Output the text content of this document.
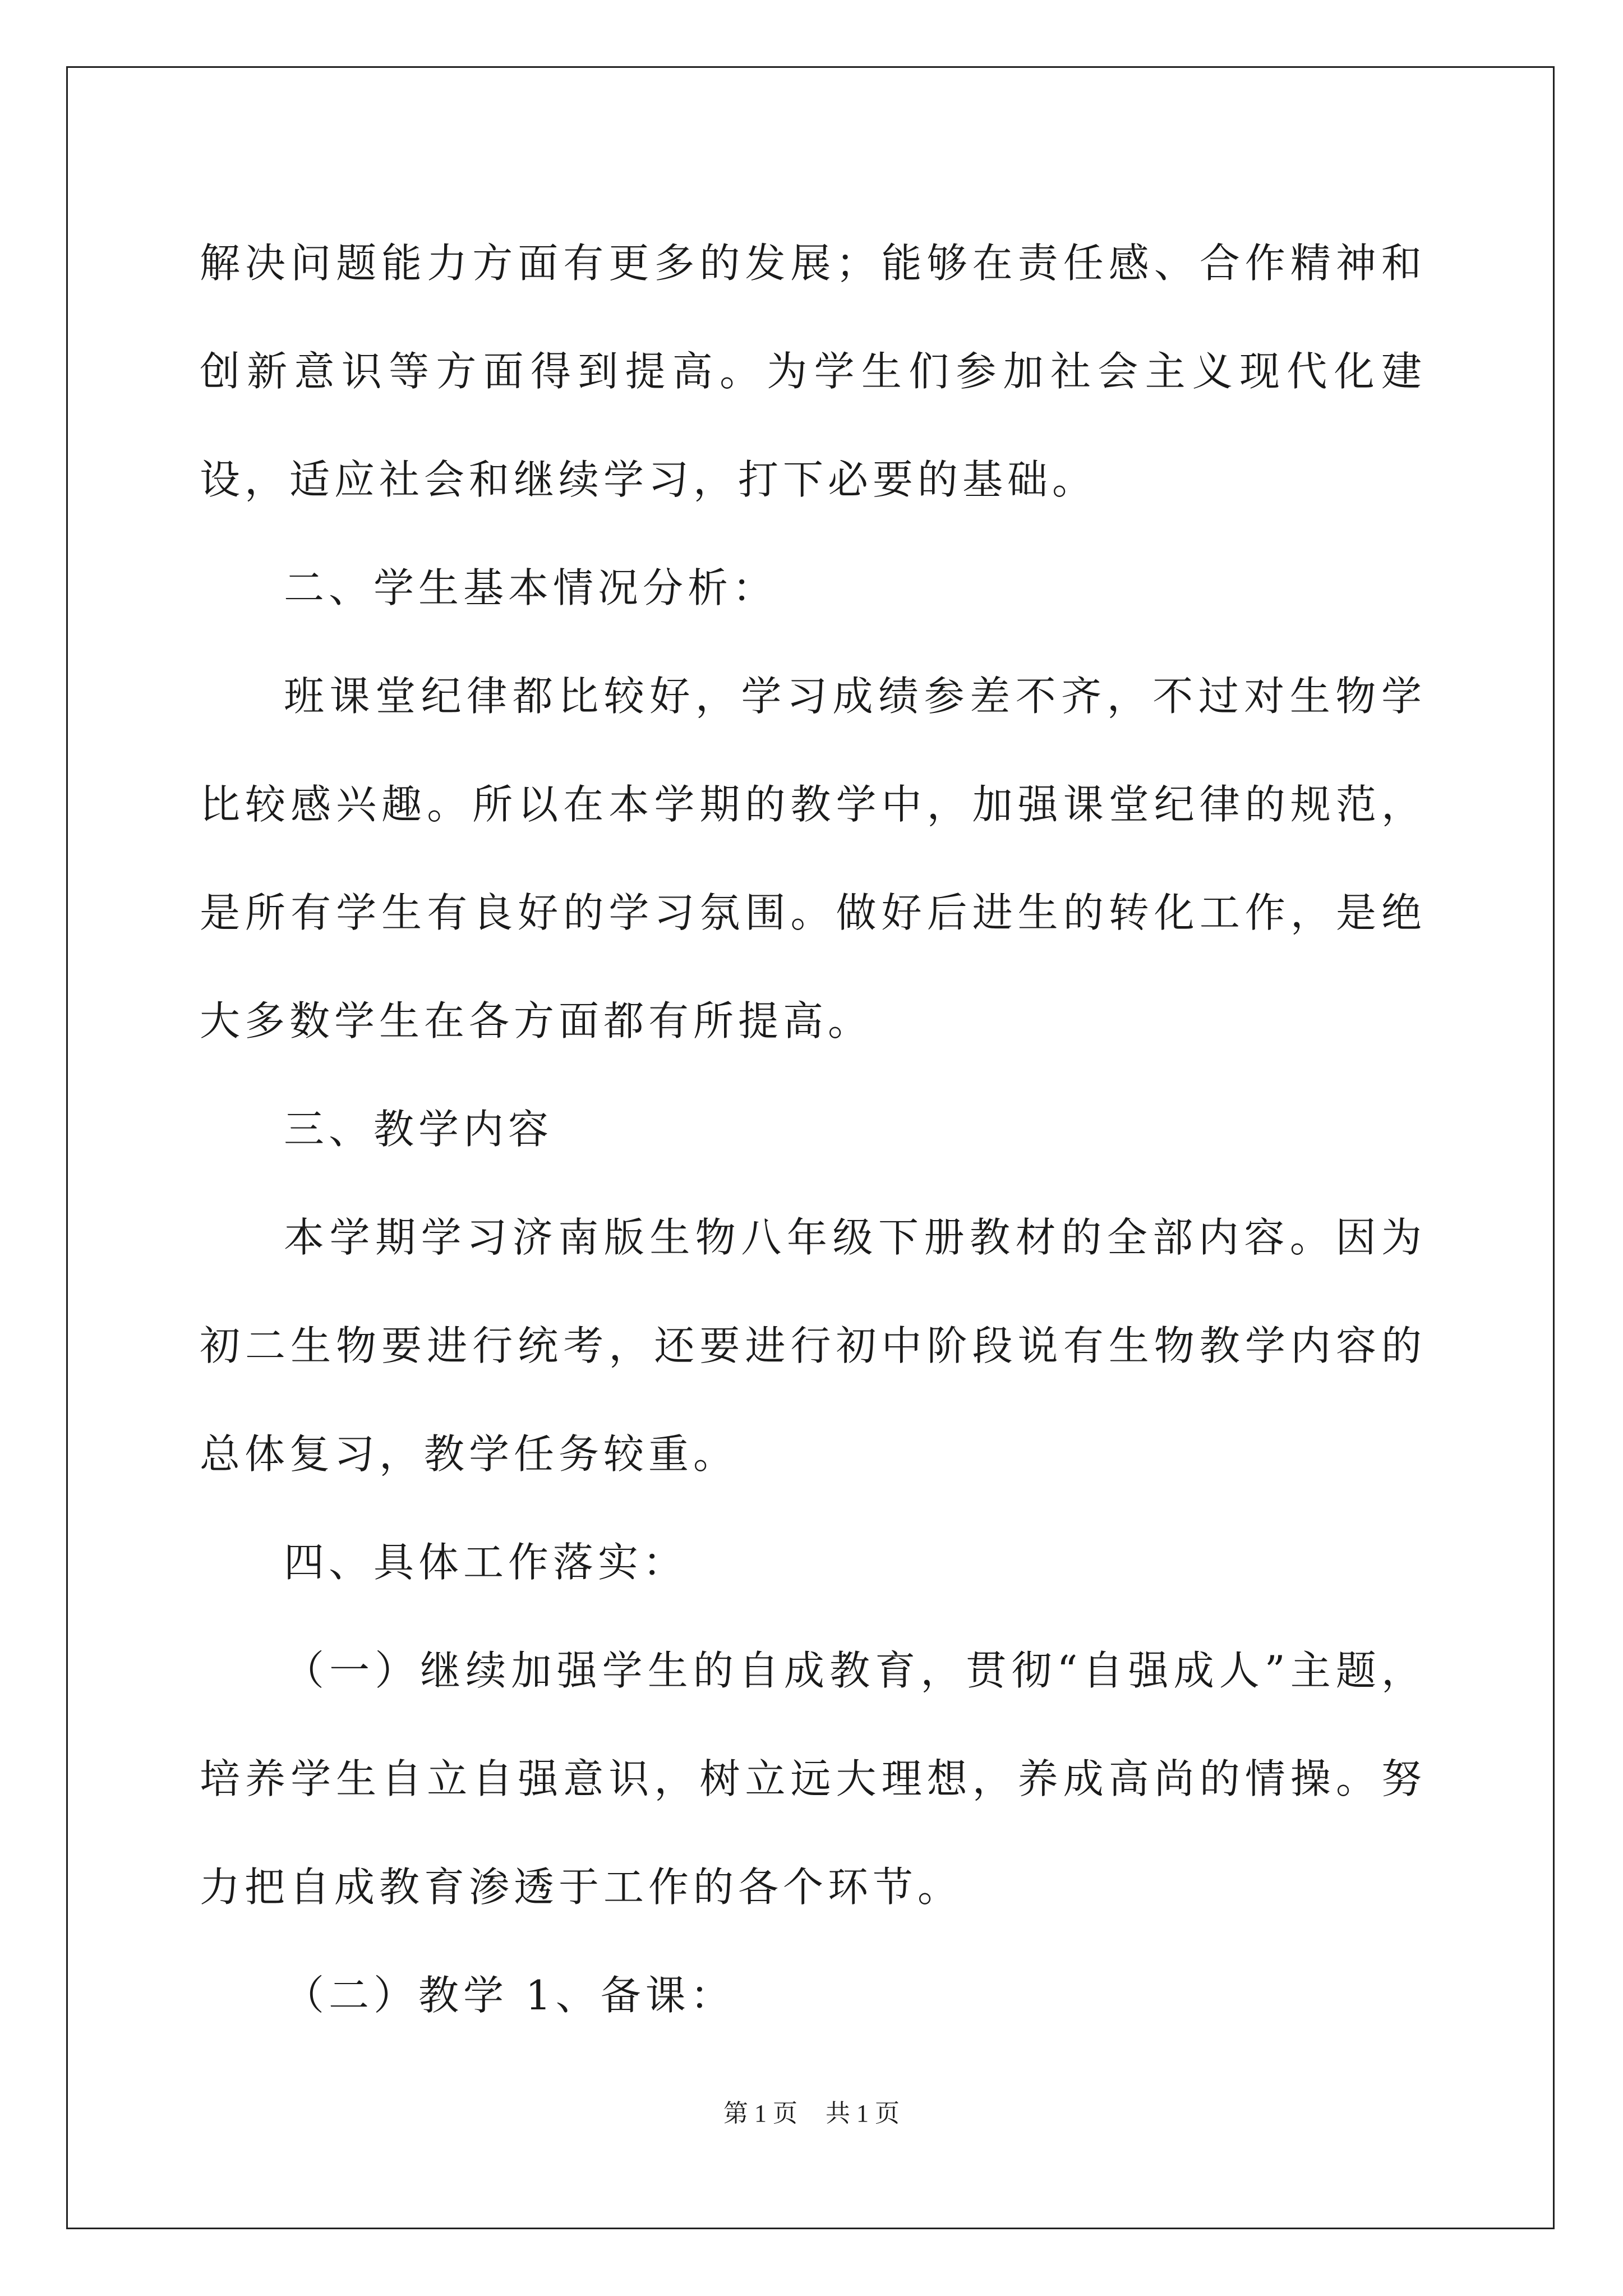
解决问题能力方面有更多的发展；能够在责任感、合作精神和创新意识等方面得到提高。为学生们参加社会主义现代化建设，适应社会和继续学习，打下必要的基础。

二、学生基本情况分析：

班课堂纪律都比较好，学习成绩参差不齐，不过对生物学比较感兴趣。所以在本学期的教学中，加强课堂纪律的规范，是所有学生有良好的学习氛围。做好后进生的转化工作，是绝大多数学生在各方面都有所提高。

三、教学内容

本学期学习济南版生物八年级下册教材的全部内容。因为初二生物要进行统考，还要进行初中阶段说有生物教学内容的总体复习，教学任务较重。

四、具体工作落实：

（一）继续加强学生的自成教育，贯彻“自强成人”主题，培养学生自立自强意识，树立远大理想，养成高尚的情操。努力把自成教育渗透于工作的各个环节。

（二）教学 1、备课：

第 1 页 共 1 页
